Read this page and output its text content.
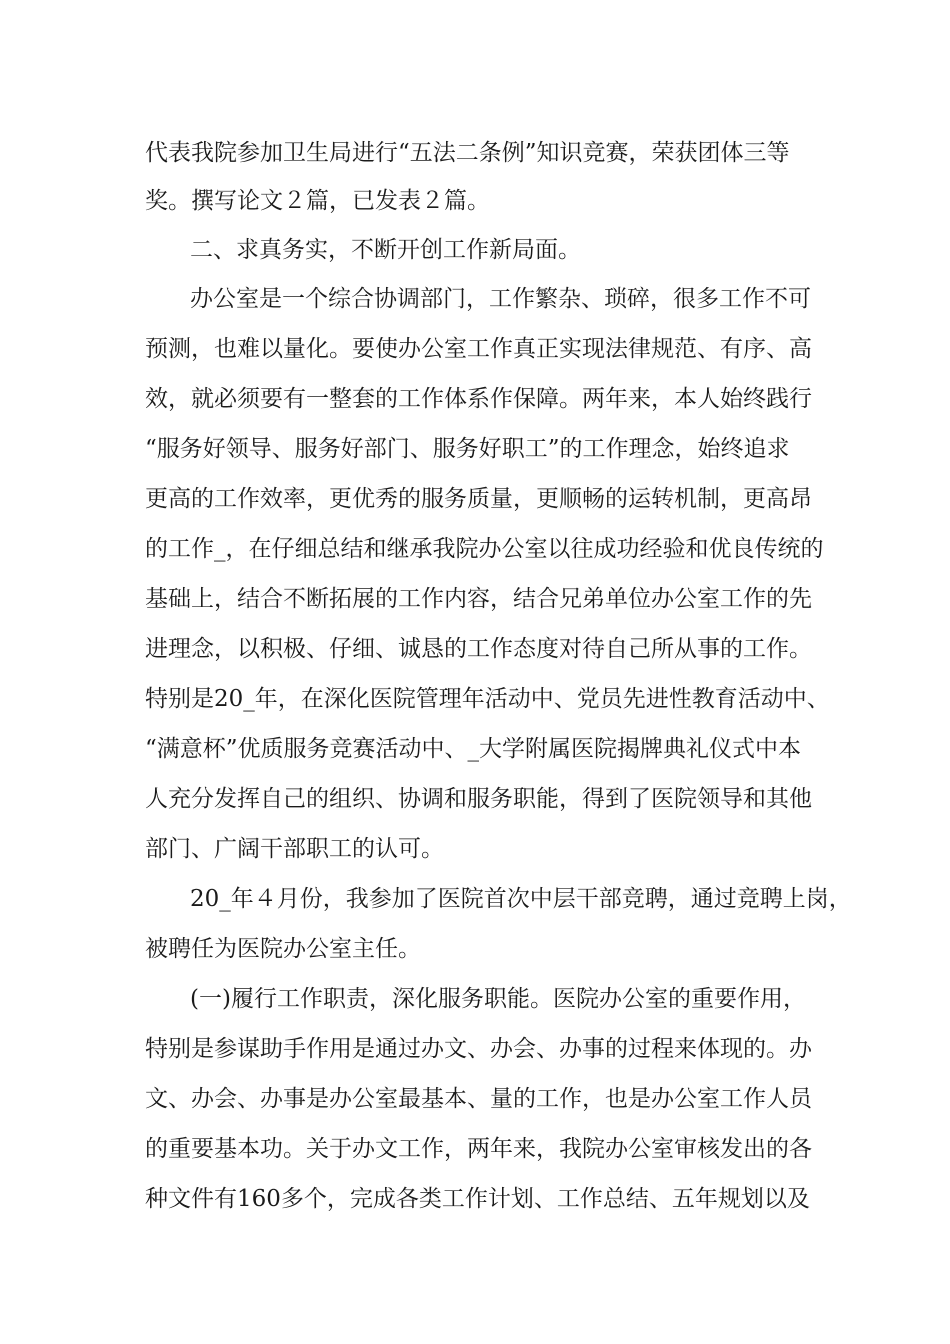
代表我院参加卫生局进行“五法二条例”知识竞赛，荣获团体三等
奖。撰写论文２篇，已发表２篇。
二、求真务实，不断开创工作新局面。
办公室是一个综合协调部门，工作繁杂、琐碎，很多工作不可
预测，也难以量化。要使办公室工作真正实现法律规范、有序、高
效，就必须要有一整套的工作体系作保障。两年来，本人始终践行
“服务好领导、服务好部门、服务好职工”的工作理念，始终追求
更高的工作效率，更优秀的服务质量，更顺畅的运转机制，更高昂
的工作_，在仔细总结和继承我院办公室以往成功经验和优良传统的
基础上，结合不断拓展的工作内容，结合兄弟单位办公室工作的先
进理念，以积极、仔细、诚恳的工作态度对待自己所从事的工作。
特别是20_年，在深化医院管理年活动中、党员先进性教育活动中、
“满意杯”优质服务竞赛活动中、_大学附属医院揭牌典礼仪式中本
人充分发挥自己的组织、协调和服务职能，得到了医院领导和其他
部门、广阔干部职工的认可。
20_年４月份，我参加了医院首次中层干部竞聘，通过竞聘上岗，
被聘任为医院办公室主任。
(一)履行工作职责，深化服务职能。医院办公室的重要作用，
特别是参谋助手作用是通过办文、办会、办事的过程来体现的。办
文、办会、办事是办公室最基本、量的工作，也是办公室工作人员
的重要基本功。关于办文工作，两年来，我院办公室审核发出的各
种文件有160多个，完成各类工作计划、工作总结、五年规划以及
